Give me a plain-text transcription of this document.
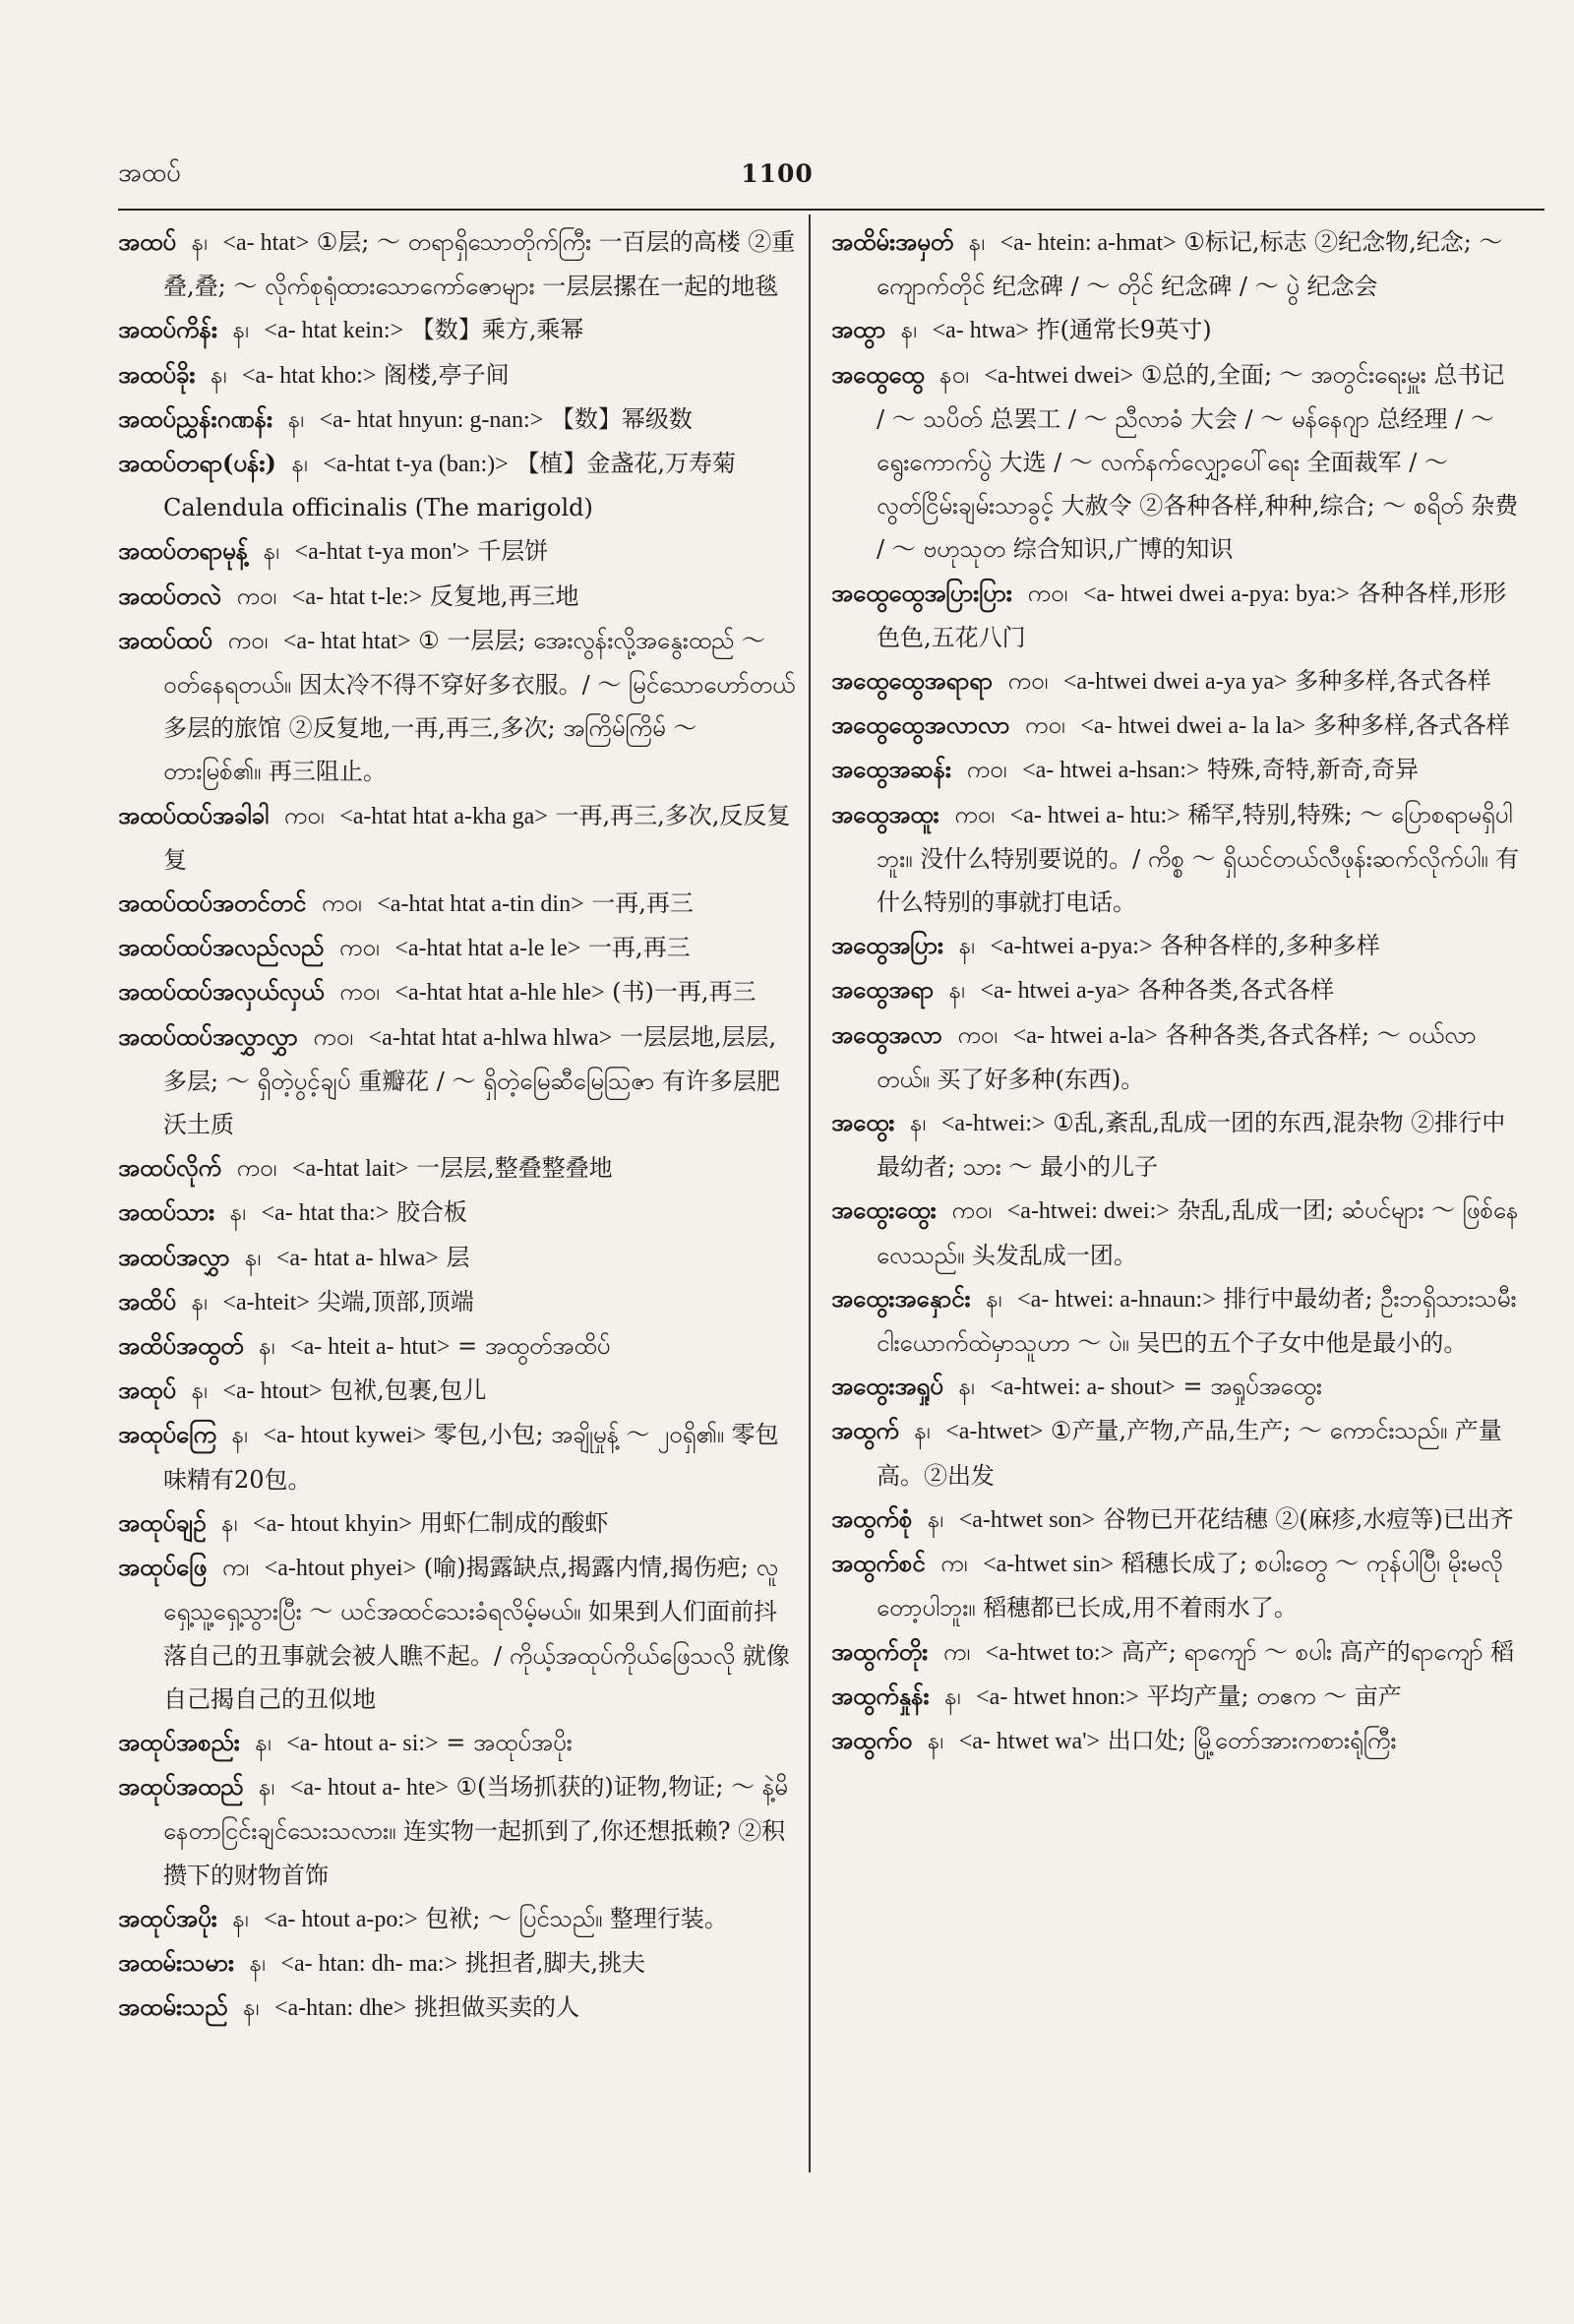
အထပ်	1100

အထပ် န၊ <a- htat> ①层; ～ တရာရှိသောတိုက်ကြီး 一百层的高楼 ②重叠,叠; ～ လိုက်စုရုံထားသောကော်ဇောများ 一层层摞在一起的地毯

အထပ်ကိန်း န၊ <a- htat kein:> 【数】乘方,乘幂

အထပ်ခိုး န၊ <a- htat kho:> 阁楼,亭子间

အထပ်ညွှန်းဂဏန်း န၊ <a- htat hnyun: g-nan:> 【数】幂级数

အထပ်တရာ(ပန်း) န၊ <a-htat t-ya (ban:)> 【植】金盏花,万寿菊 Calendula officinalis (The marigold)

အထပ်တရာမုန့် န၊ <a-htat t-ya mon'> 千层饼

အထပ်တလဲ က၀၊ <a- htat t-le:> 反复地,再三地

အထပ်ထပ် က၀၊ <a- htat htat> ① 一层层; အေးလွန်းလို့အနွေးထည် ～ ဝတ်နေရတယ်။ 因太冷不得不穿好多衣服。/ ～ မြင်သောဟော်တယ် 多层的旅馆 ②反复地,一再,再三,多次; အကြိမ်ကြိမ် ～ တားမြစ်၏။ 再三阻止。

အထပ်ထပ်အခါခါ က၀၊ <a-htat htat a-kha ga> 一再,再三,多次,反反复复

အထပ်ထပ်အတင်တင် က၀၊ <a-htat htat a-tin din> 一再,再三

အထပ်ထပ်အလည်လည် က၀၊ <a-htat htat a-le le> 一再,再三

အထပ်ထပ်အလှယ်လှယ် က၀၊ <a-htat htat a-hle hle> (书)一再,再三

အထပ်ထပ်အလွှာလွှာ က၀၊ <a-htat htat a-hlwa hlwa> 一层层地,层层,多层; ～ ရှိတဲ့ပွင့်ချပ် 重瓣花 / ～ ရှိတဲ့မြေဆီမြေသြဇာ 有许多层肥沃土质

အထပ်လိုက် က၀၊ <a-htat lait> 一层层,整叠整叠地

အထပ်သား န၊ <a- htat tha:> 胶合板

အထပ်အလွှာ န၊ <a- htat a- hlwa> 层

အထိပ် န၊ <a-hteit> 尖端,顶部,顶端

အထိပ်အထွတ် န၊ <a- hteit a- htut> = အထွတ်အထိပ်

အထုပ် န၊ <a- htout> 包袱,包裹,包儿

အထုပ်ကြေ န၊ <a- htout kywei> 零包,小包; အချိုမှုန့် ～ ၂၀ရှိ၏။ 零包味精有20包。

အထုပ်ချဉ် န၊ <a- htout khyin> 用虾仁制成的酸虾

အထုပ်ဖြေ က၊ <a-htout phyei> (喻)揭露缺点,揭露内情,揭伤疤; လူရှေ့သူ့ရှေ့သွားပြီး ～ ယင်အထင်သေးခံရလိမ့်မယ်။ 如果到人们面前抖落自己的丑事就会被人瞧不起。/ ကိုယ့်အထုပ်ကိုယ်ဖြေသလို 就像自己揭自己的丑似地

အထုပ်အစည်း န၊ <a- htout a- si:> = အထုပ်အပိုး

အထုပ်အထည် န၊ <a- htout a- hte> ①(当场抓获的)证物,物证; ～ နဲ့မိနေတာငြင်းချင်သေးသလား။ 连实物一起抓到了,你还想抵赖? ②积攒下的财物首饰

အထုပ်အပိုး န၊ <a- htout a-po:> 包袱; ～ ပြင်သည်။ 整理行装。

အထမ်းသမား န၊ <a- htan: dh- ma:> 挑担者,脚夫,挑夫

အထမ်းသည် န၊ <a-htan: dhe> 挑担做买卖的人

အထိမ်းအမှတ် န၊ <a- htein: a-hmat> ①标记,标志 ②纪念物,纪念; ～ ကျောက်တိုင် 纪念碑 / ～ တိုင် 纪念碑 / ～ ပွဲ 纪念会

အထွာ န၊ <a- htwa> 拃(通常长9英寸)

အထွေထွေ န၀၊ <a-htwei dwei> ①总的,全面; ～ အတွင်းရေးမှူး 总书记 / ～ သပိတ် 总罢工 / ～ ညီလာခံ 大会 / ～ မန်နေဂျာ 总经理 / ～ ရွေးကောက်ပွဲ 大选 / ～ လက်နက်လျှော့ပေါ်ရေး 全面裁军 / ～ လွတ်ငြိမ်းချမ်းသာခွင့် 大赦令 ②各种各样,种种,综合; ～ စရိတ် 杂费 / ～ ဗဟုသုတ 综合知识,广博的知识

အထွေထွေအပြားပြား က၀၊ <a- htwei dwei a-pya: bya:> 各种各样,形形色色,五花八门

အထွေထွေအရာရာ က၀၊ <a-htwei dwei a-ya ya> 多种多样,各式各样

အထွေထွေအလာလာ က၀၊ <a- htwei dwei a- la la> 多种多样,各式各样

အထွေအဆန်း က၀၊ <a- htwei a-hsan:> 特殊,奇特,新奇,奇异

အထွေအထူး က၀၊ <a- htwei a- htu:> 稀罕,特别,特殊; ～ ပြောစရာမရှိပါဘူး။ 没什么特别要说的。/ ကိစ္စ ～ ရှိယင်တယ်လီဖုန်းဆက်လိုက်ပါ။ 有什么特别的事就打电话。

အထွေအပြား န၊ <a-htwei a-pya:> 各种各样的,多种多样

အထွေအရာ န၊ <a- htwei a-ya> 各种各类,各式各样

အထွေအလာ က၀၊ <a- htwei a-la> 各种各类,各式各样; ～ ဝယ်လာတယ်။ 买了好多种(东西)。

အထွေး န၊ <a-htwei:> ①乱,紊乱,乱成一团的东西,混杂物 ②排行中最幼者; သား ～ 最小的儿子

အထွေးထွေး က၀၊ <a-htwei: dwei:> 杂乱,乱成一团; ဆံပင်များ ～ ဖြစ်နေလေသည်။ 头发乱成一团。

အထွေးအနှောင်း န၊ <a- htwei: a-hnaun:> 排行中最幼者; ဦးဘရှိသားသမီးငါးယောက်ထဲမှာသူဟာ ～ ပဲ။ 吴巴的五个子女中他是最小的。

အထွေးအရှုပ် န၊ <a-htwei: a- shout> = အရှုပ်အထွေး

အထွက် န၊ <a-htwet> ①产量,产物,产品,生产; ～ ကောင်းသည်။ 产量高。②出发

အထွက်စုံ န၊ <a-htwet son> 谷物已开花结穗 ②(麻疹,水痘等)已出齐

အထွက်စင် က၊ <a-htwet sin> 稻穗长成了; စပါးတွေ ～ ကုန်ပါပြီ၊ မိုးမလိုတော့ပါဘူး။ 稻穗都已长成,用不着雨水了。

အထွက်တိုး က၊ <a-htwet to:> 高产; ရာကျော် ～ စပါး 高产的ရာကျော် 稻

အထွက်နှုန်း န၊ <a- htwet hnon:> 平均产量; တဧက ～ 亩产

အထွက်ဝ န၊ <a- htwet wa'> 出口处; မြို့တော်အားကစားရုံကြီး
